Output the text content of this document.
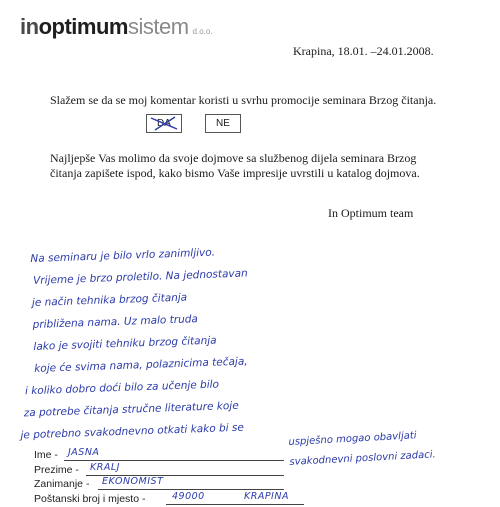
inoptimumsistem d.o.o.
Krapina, 18.01. –24.01.2008.
Slažem se da se moj komentar koristi u svrhu promocije seminara Brzog čitanja.
DA	NE
Najljepše Vas molimo da svoje dojmove sa službenog dijela seminara Brzog čitanja zapišete ispod, kako bismo Vaše impresije uvrstili u katalog dojmova.
In Optimum team
Na seminaru je bilo vrlo zanimljivo.
Vrijeme je brzo proletilo. Na jednostavan
je način tehnika brzog čitanja
približena nama. Uz malo truda
lako je svojiti tehniku brzog čitanja
koje će svima nama, polaznicima tečaja,
i koliko dobro doći bilo za učenje bilo
za potrebe čitanja stručne literature koje
je potrebno svakodnevno otkati kako bi se	uspješno mogao obavljati
svakodnevni poslovni zadaci.
Ime - JASNA
Prezime - KRALJ
Zanimanje - EKONOMIST
Poštanski broj i mjesto -	49000	KRAPINA
